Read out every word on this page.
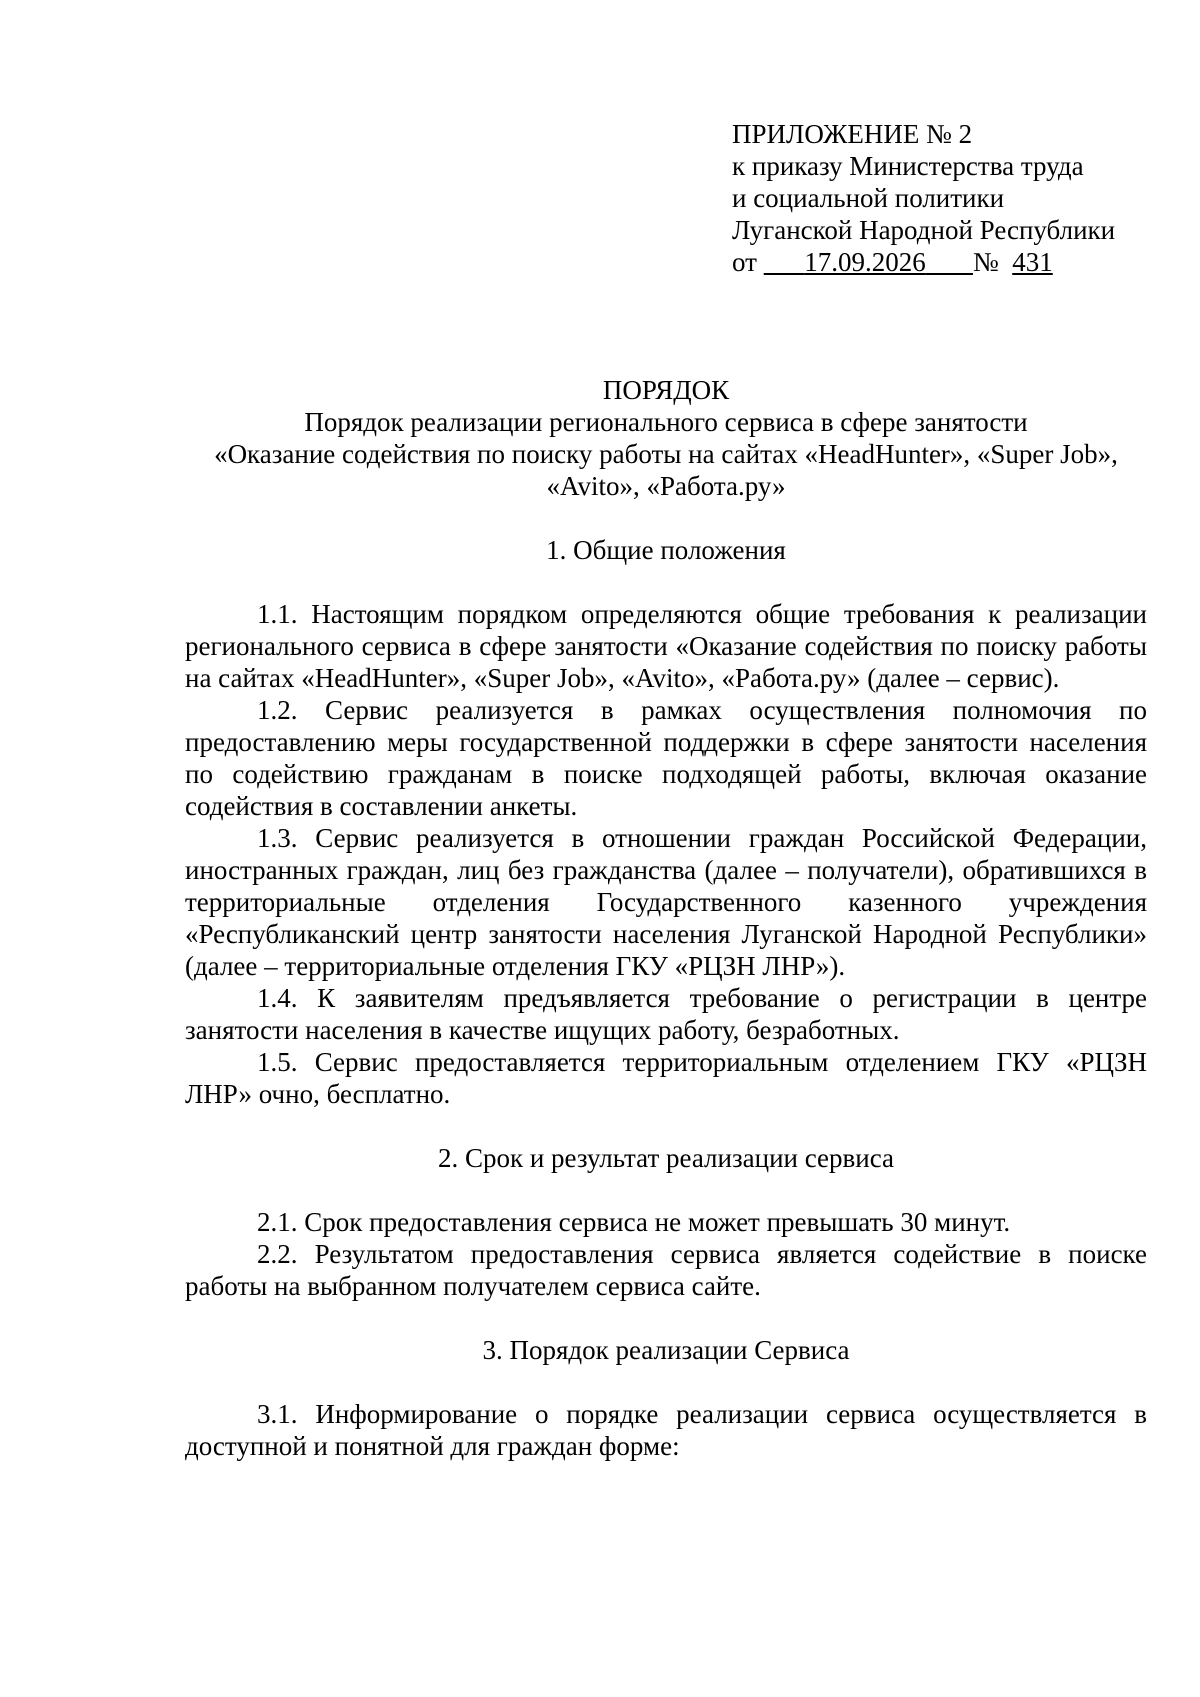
ПРИЛОЖЕНИЕ № 2
к приказу Министерства труда
и социальной политики
Луганской Народной Республики
от 17.09.2026 № 431
ПОРЯДОК
Порядок реализации регионального сервиса в сфере занятости
«Оказание содействия по поиску работы на сайтах «HeadHunter», «Super Job»,
«Avito», «Работа.ру»
1. Общие положения

1.1. Настоящим порядком определяются общие требования к реализации регионального сервиса в сфере занятости «Оказание содействия по поиску работы на сайтах «HeadHunter», «Super Job», «Avito», «Работа.ру» (далее – сервис).

1.2. Сервис реализуется в рамках осуществления полномочия по предоставлению меры государственной поддержки в сфере занятости населения по содействию гражданам в поиске подходящей работы, включая оказание содействия в составлении анкеты.

1.3. Сервис реализуется в отношении граждан Российской Федерации, иностранных граждан, лиц без гражданства (далее – получатели), обратившихся в территориальные отделения Государственного казенного учреждения «Республиканский центр занятости населения Луганской Народной Республики» (далее – территориальные отделения ГКУ «РЦЗН ЛНР»).

1.4. К заявителям предъявляется требование о регистрации в центре занятости населения в качестве ищущих работу, безработных.

1.5. Сервис предоставляется территориальным отделением ГКУ «РЦЗН ЛНР» очно, бесплатно.

2. Срок и результат реализации сервиса

2.1. Срок предоставления сервиса не может превышать 30 минут.

2.2. Результатом предоставления сервиса является содействие в поиске работы на выбранном получателем сервиса сайте.

3. Порядок реализации Сервиса

3.1. Информирование о порядке реализации сервиса осуществляется в доступной и понятной для граждан форме:
